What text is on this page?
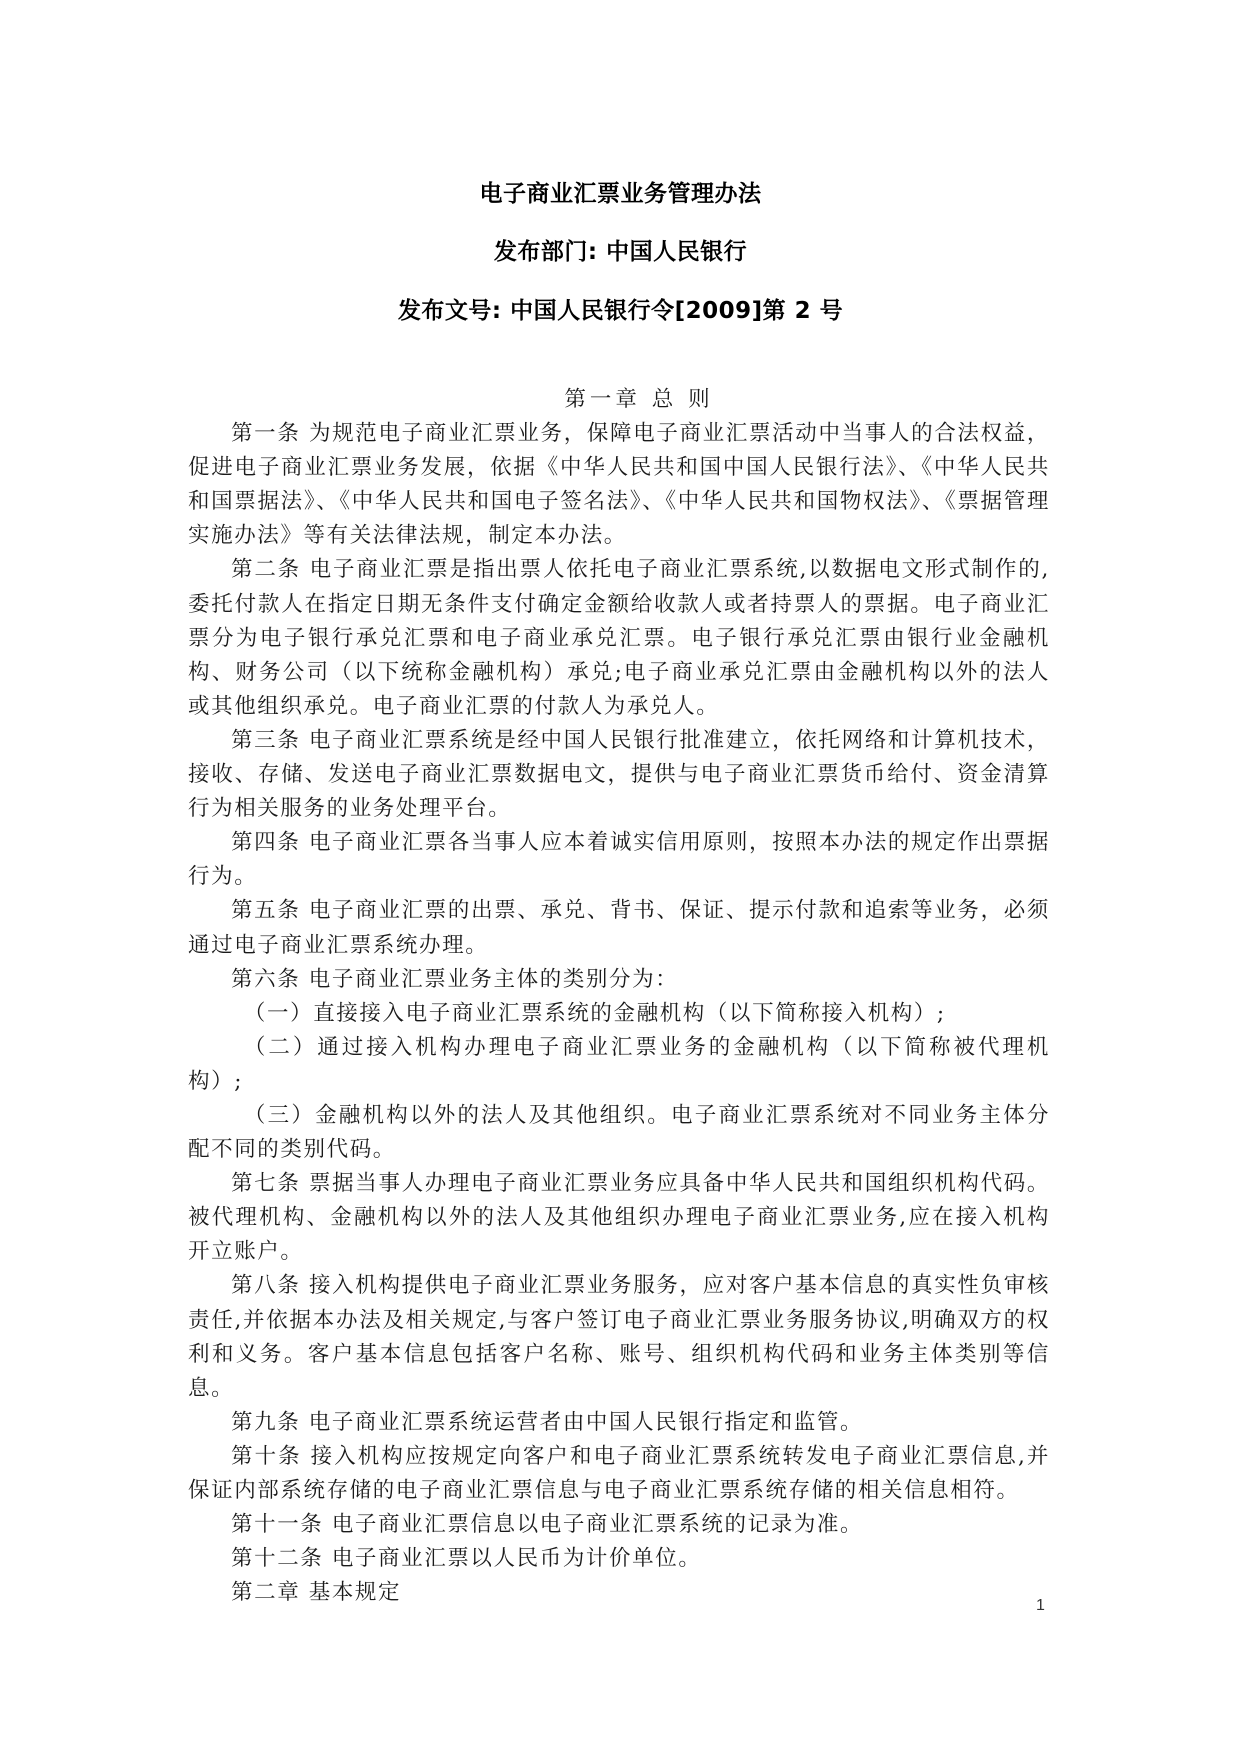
电子商业汇票业务管理办法
发布部门: 中国人民银行
发布文号: 中国人民银行令[2009]第 2 号

第一章 总 则

第一条 为规范电子商业汇票业务，保障电子商业汇票活动中当事人的合法权益，促进电子商业汇票业务发展，依据《中华人民共和国中国人民银行法》、《中华人民共和国票据法》、《中华人民共和国电子签名法》、《中华人民共和国物权法》、《票据管理实施办法》等有关法律法规，制定本办法。

第二条 电子商业汇票是指出票人依托电子商业汇票系统,以数据电文形式制作的,委托付款人在指定日期无条件支付确定金额给收款人或者持票人的票据。电子商业汇票分为电子银行承兑汇票和电子商业承兑汇票。电子银行承兑汇票由银行业金融机构、财务公司（以下统称金融机构）承兑;电子商业承兑汇票由金融机构以外的法人或其他组织承兑。电子商业汇票的付款人为承兑人。

第三条 电子商业汇票系统是经中国人民银行批准建立，依托网络和计算机技术，接收、存储、发送电子商业汇票数据电文，提供与电子商业汇票货币给付、资金清算行为相关服务的业务处理平台。

第四条 电子商业汇票各当事人应本着诚实信用原则，按照本办法的规定作出票据行为。

第五条 电子商业汇票的出票、承兑、背书、保证、提示付款和追索等业务，必须通过电子商业汇票系统办理。

第六条 电子商业汇票业务主体的类别分为：

（一）直接接入电子商业汇票系统的金融机构（以下简称接入机构）;

（二）通过接入机构办理电子商业汇票业务的金融机构（以下简称被代理机构）;

（三）金融机构以外的法人及其他组织。电子商业汇票系统对不同业务主体分配不同的类别代码。

第七条 票据当事人办理电子商业汇票业务应具备中华人民共和国组织机构代码。被代理机构、金融机构以外的法人及其他组织办理电子商业汇票业务,应在接入机构开立账户。

第八条 接入机构提供电子商业汇票业务服务，应对客户基本信息的真实性负审核责任,并依据本办法及相关规定,与客户签订电子商业汇票业务服务协议,明确双方的权利和义务。客户基本信息包括客户名称、账号、组织机构代码和业务主体类别等信息。

第九条 电子商业汇票系统运营者由中国人民银行指定和监管。

第十条 接入机构应按规定向客户和电子商业汇票系统转发电子商业汇票信息,并保证内部系统存储的电子商业汇票信息与电子商业汇票系统存储的相关信息相符。

第十一条 电子商业汇票信息以电子商业汇票系统的记录为准。

第十二条 电子商业汇票以人民币为计价单位。

第二章 基本规定

1
